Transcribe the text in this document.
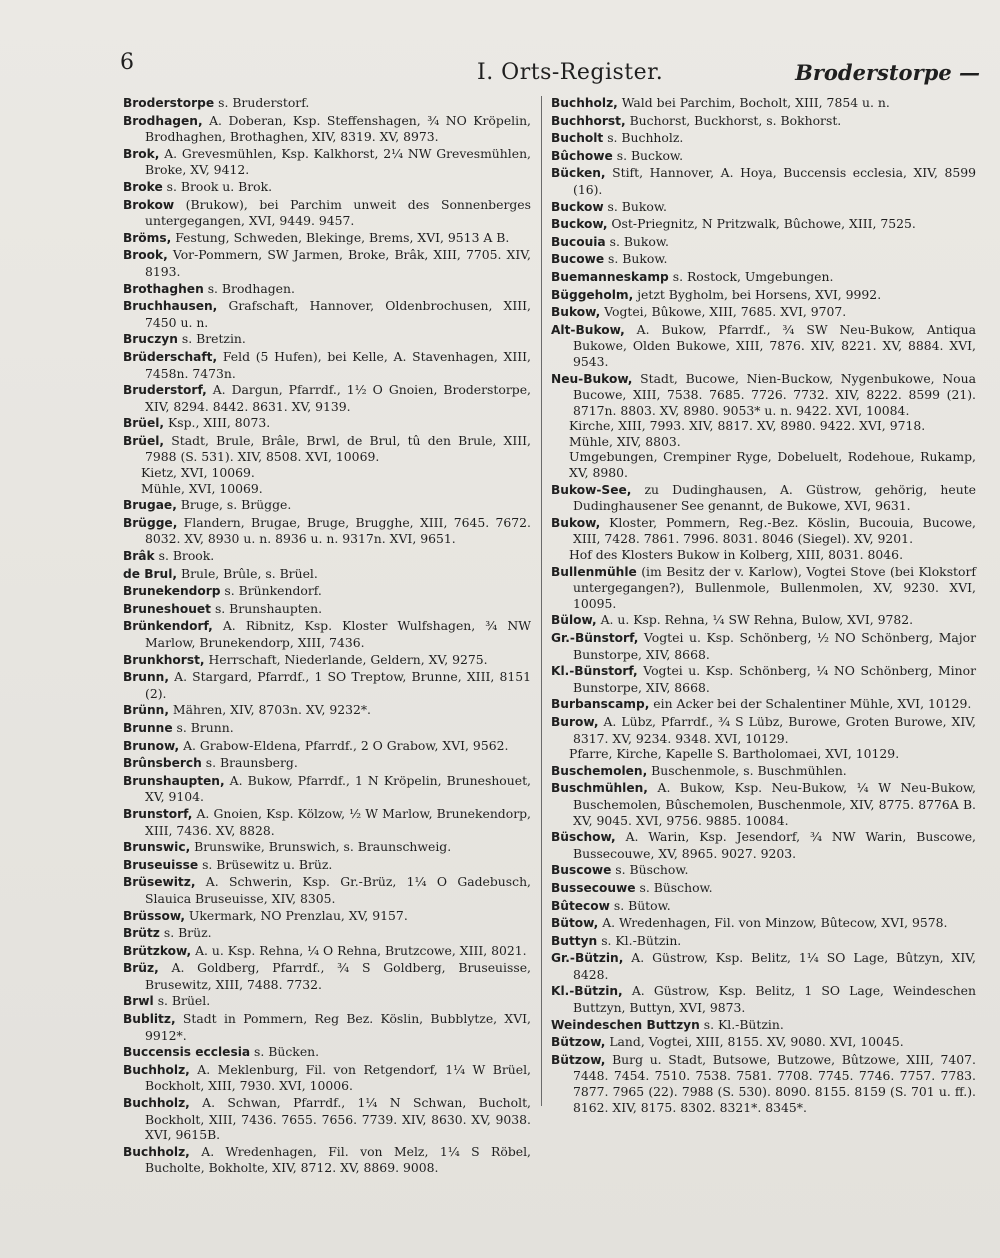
6	I. Orts-Register.	Broderstorpe —
Broderstorpe s. Bruderstorf.
Brodhagen, A. Doberan, Ksp. Steffenshagen, ¾ NO Kröpelin, Brodhaghen, Brothaghen, XIV, 8319. XV, 8973.
Brok, A. Grevesmühlen, Ksp. Kalkhorst, 2¼ NW Grevesmühlen, Broke, XV, 9412.
Broke s. Brook u. Brok.
Brokow (Brukow), bei Parchim unweit des Sonnenberges untergegangen, XVI, 9449. 9457.
Bröms, Festung, Schweden, Blekinge, Brems, XVI, 9513 A B.
Brook, Vor-Pommern, SW Jarmen, Broke, Brâk, XIII, 7705. XIV, 8193.
Brothaghen s. Brodhagen.
Bruchhausen, Grafschaft, Hannover, Oldenbrochusen, XIII, 7450 u. n.
Bruczyn s. Bretzin.
Brüderschaft, Feld (5 Hufen), bei Kelle, A. Stavenhagen, XIII, 7458n. 7473n.
Bruderstorf, A. Dargun, Pfarrdf., 1½ O Gnoien, Broderstorpe, XIV, 8294. 8442. 8631. XV, 9139.
Brüel, Ksp., XIII, 8073.
Brüel, Stadt, Brule, Brâle, Brwl, de Brul, tû den Brule, XIII, 7988 (S. 531). XIV, 8508. XVI, 10069.
Kietz, XVI, 10069.
Mühle, XVI, 10069.
Brugae, Bruge, s. Brügge.
Brügge, Flandern, Brugae, Bruge, Brugghe, XIII, 7645. 7672. 8032. XV, 8930 u. n. 8936 u. n. 9317n. XVI, 9651.
Brâk s. Brook.
de Brul, Brule, Brûle, s. Brüel.
Brunekendorp s. Brünkendorf.
Bruneshouet s. Brunshaupten.
Brünkendorf, A. Ribnitz, Ksp. Kloster Wulfshagen, ¾ NW Marlow, Brunekendorp, XIII, 7436.
Brunkhorst, Herrschaft, Niederlande, Geldern, XV, 9275.
Brunn, A. Stargard, Pfarrdf., 1 SO Treptow, Brunne, XIII, 8151 (2).
Brünn, Mähren, XIV, 8703n. XV, 9232*.
Brunne s. Brunn.
Brunow, A. Grabow-Eldena, Pfarrdf., 2 O Grabow, XVI, 9562.
Brûnsberch s. Braunsberg.
Brunshaupten, A. Bukow, Pfarrdf., 1 N Kröpelin, Bruneshouet, XV, 9104.
Brunstorf, A. Gnoien, Ksp. Kölzow, ½ W Marlow, Brunekendorp, XIII, 7436. XV, 8828.
Brunswic, Brunswike, Brunswich, s. Braunschweig.
Bruseuisse s. Brüsewitz u. Brüz.
Brüsewitz, A. Schwerin, Ksp. Gr.-Brüz, 1¼ O Gadebusch, Slauica Bruseuisse, XIV, 8305.
Brüssow, Ukermark, NO Prenzlau, XV, 9157.
Brütz s. Brüz.
Brützkow, A. u. Ksp. Rehna, ¼ O Rehna, Brutzcowe, XIII, 8021.
Brüz, A. Goldberg, Pfarrdf., ¾ S Goldberg, Bruseuisse, Brusewitz, XIII, 7488. 7732.
Brwl s. Brüel.
Bublitz, Stadt in Pommern, Reg Bez. Köslin, Bubblytze, XVI, 9912*.
Buccensis ecclesia s. Bücken.
Buchholz, A. Meklenburg, Fil. von Retgendorf, 1¼ W Brüel, Bockholt, XIII, 7930. XVI, 10006.
Buchholz, A. Schwan, Pfarrdf., 1¼ N Schwan, Bucholt, Bockholt, XIII, 7436. 7655. 7656. 7739. XIV, 8630. XV, 9038. XVI, 9615B.
Buchholz, A. Wredenhagen, Fil. von Melz, 1¼ S Röbel, Bucholte, Bokholte, XIV, 8712. XV, 8869. 9008.
Buchholz, Wald bei Parchim, Bocholt, XIII, 7854 u. n.
Buchhorst, Buchorst, Buckhorst, s. Bokhorst.
Bucholt s. Buchholz.
Bûchowe s. Buckow.
Bücken, Stift, Hannover, A. Hoya, Buccensis ecclesia, XIV, 8599 (16).
Buckow s. Bukow.
Buckow, Ost-Priegnitz, N Pritzwalk, Bûchowe, XIII, 7525.
Bucouia s. Bukow.
Bucowe s. Bukow.
Buemanneskamp s. Rostock, Umgebungen.
Büggeholm, jetzt Bygholm, bei Horsens, XVI, 9992.
Bukow, Vogtei, Bûkowe, XIII, 7685. XVI, 9707.
Alt-Bukow, A. Bukow, Pfarrdf., ¾ SW Neu-Bukow, Antiqua Bukowe, Olden Bukowe, XIII, 7876. XIV, 8221. XV, 8884. XVI, 9543.
Neu-Bukow, Stadt, Bucowe, Nien-Buckow, Nygenbukowe, Noua Bucowe, XIII, 7538. 7685. 7726. 7732. XIV, 8222. 8599 (21). 8717n. 8803. XV, 8980. 9053* u. n. 9422. XVI, 10084.
Kirche, XIII, 7993. XIV, 8817. XV, 8980. 9422. XVI, 9718.
Mühle, XIV, 8803.
Umgebungen, Crempiner Ryge, Dobeluelt, Rodehoue, Rukamp, XV, 8980.
Bukow-See, zu Dudinghausen, A. Güstrow, gehörig, heute Dudinghausener See genannt, de Bukowe, XVI, 9631.
Bukow, Kloster, Pommern, Reg.-Bez. Köslin, Bucouia, Bucowe, XIII, 7428. 7861. 7996. 8031. 8046 (Siegel). XV, 9201.
Hof des Klosters Bukow in Kolberg, XIII, 8031. 8046.
Bullenmühle (im Besitz der v. Karlow), Vogtei Stove (bei Klokstorf untergegangen?), Bullenmole, Bullenmolen, XV, 9230. XVI, 10095.
Bülow, A. u. Ksp. Rehna, ¼ SW Rehna, Bulow, XVI, 9782.
Gr.-Bünstorf, Vogtei u. Ksp. Schönberg, ½ NO Schönberg, Major Bunstorpe, XIV, 8668.
Kl.-Bünstorf, Vogtei u. Ksp. Schönberg, ¼ NO Schönberg, Minor Bunstorpe, XIV, 8668.
Burbanscamp, ein Acker bei der Schalentiner Mühle, XVI, 10129.
Burow, A. Lübz, Pfarrdf., ¾ S Lübz, Burowe, Groten Burowe, XIV, 8317. XV, 9234. 9348. XVI, 10129.
Pfarre, Kirche, Kapelle S. Bartholomaei, XVI, 10129.
Buschemolen, Buschenmole, s. Buschmühlen.
Buschmühlen, A. Bukow, Ksp. Neu-Bukow, ¼ W Neu-Bukow, Buschemolen, Bûschemolen, Buschenmole, XIV, 8775. 8776A B. XV, 9045. XVI, 9756. 9885. 10084.
Büschow, A. Warin, Ksp. Jesendorf, ¾ NW Warin, Buscowe, Bussecouwe, XV, 8965. 9027. 9203.
Buscowe s. Büschow.
Bussecouwe s. Büschow.
Bûtecow s. Bütow.
Bütow, A. Wredenhagen, Fil. von Minzow, Bûtecow, XVI, 9578.
Buttyn s. Kl.-Bützin.
Gr.-Bützin, A. Güstrow, Ksp. Belitz, 1¼ SO Lage, Bûtzyn, XIV, 8428.
Kl.-Bützin, A. Güstrow, Ksp. Belitz, 1 SO Lage, Weindeschen Buttzyn, Buttyn, XVI, 9873.
Weindeschen Buttzyn s. Kl.-Bützin.
Bützow, Land, Vogtei, XIII, 8155. XV, 9080. XVI, 10045.
Bützow, Burg u. Stadt, Butsowe, Butzowe, Bûtzowe, XIII, 7407. 7448. 7454. 7510. 7538. 7581. 7708. 7745. 7746. 7757. 7783. 7877. 7965 (22). 7988 (S. 530). 8090. 8155. 8159 (S. 701 u. ff.). 8162. XIV, 8175. 8302. 8321*. 8345*.
